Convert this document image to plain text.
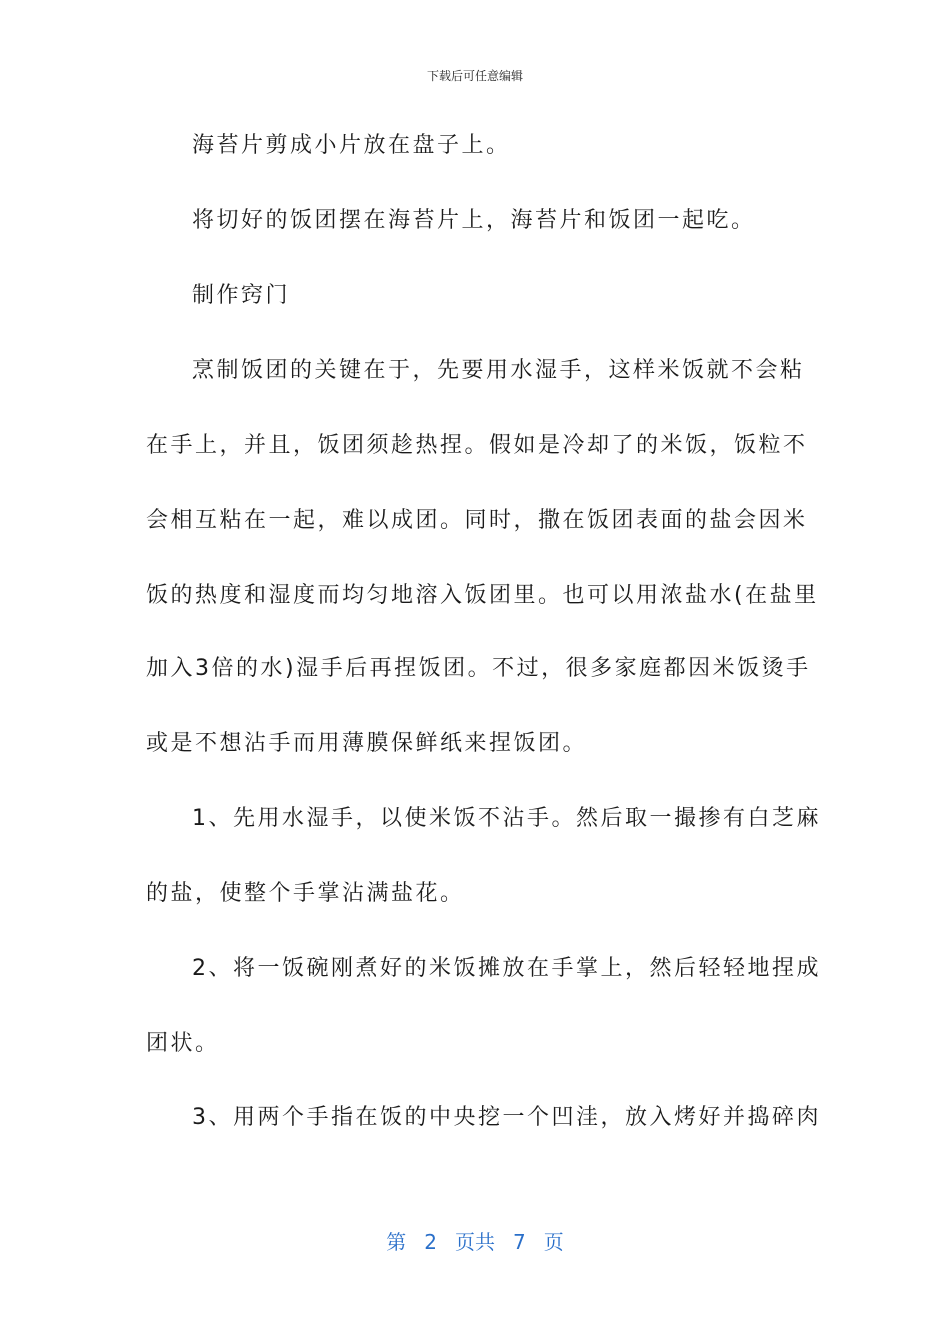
下载后可任意编辑
海苔片剪成小片放在盘子上。
将切好的饭团摆在海苔片上，海苔片和饭团一起吃。
制作窍门
烹制饭团的关键在于，先要用水湿手，这样米饭就不会粘
在手上，并且，饭团须趁热捏。假如是冷却了的米饭，饭粒不
会相互粘在一起，难以成团。同时，撒在饭团表面的盐会因米
饭的热度和湿度而均匀地溶入饭团里。也可以用浓盐水(在盐里
加入3倍的水)湿手后再捏饭团。不过，很多家庭都因米饭烫手
或是不想沾手而用薄膜保鲜纸来捏饭团。
1、先用水湿手，以使米饭不沾手。然后取一撮掺有白芝麻
的盐，使整个手掌沾满盐花。
2、将一饭碗刚煮好的米饭摊放在手掌上，然后轻轻地捏成
团状。
3、用两个手指在饭的中央挖一个凹洼，放入烤好并捣碎肉
第 2 页共 7 页
